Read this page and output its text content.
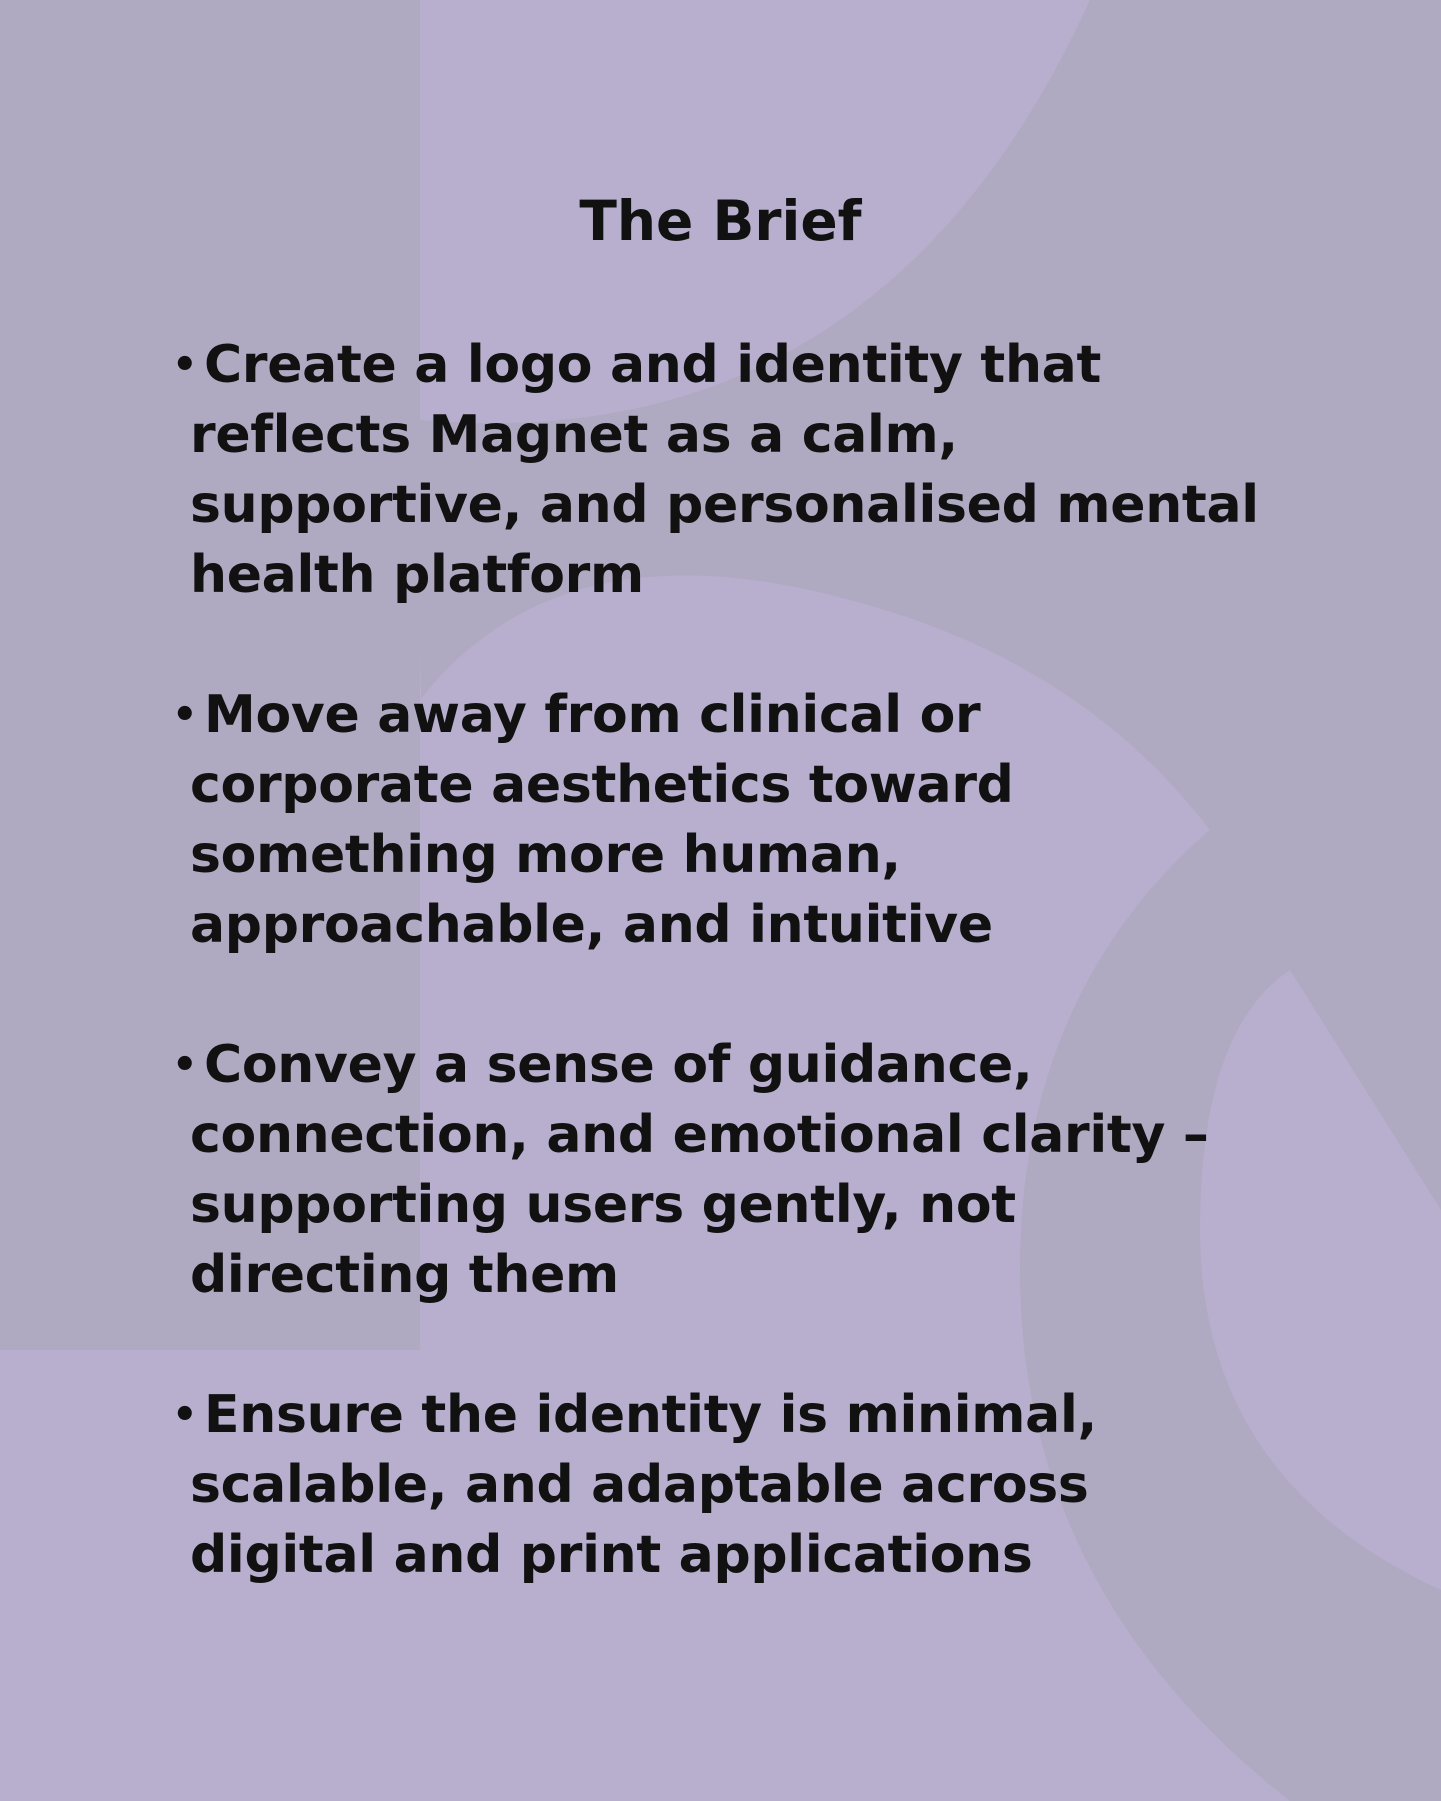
The Brief
• Create a logo and identity that
reflects Magnet as a calm,
supportive, and personalised mental
health platform
• Move away from clinical or
corporate aesthetics toward
something more human,
approachable, and intuitive
• Convey a sense of guidance,
connection, and emotional clarity –
supporting users gently, not
directing them
• Ensure the identity is minimal,
scalable, and adaptable across
digital and print applications
